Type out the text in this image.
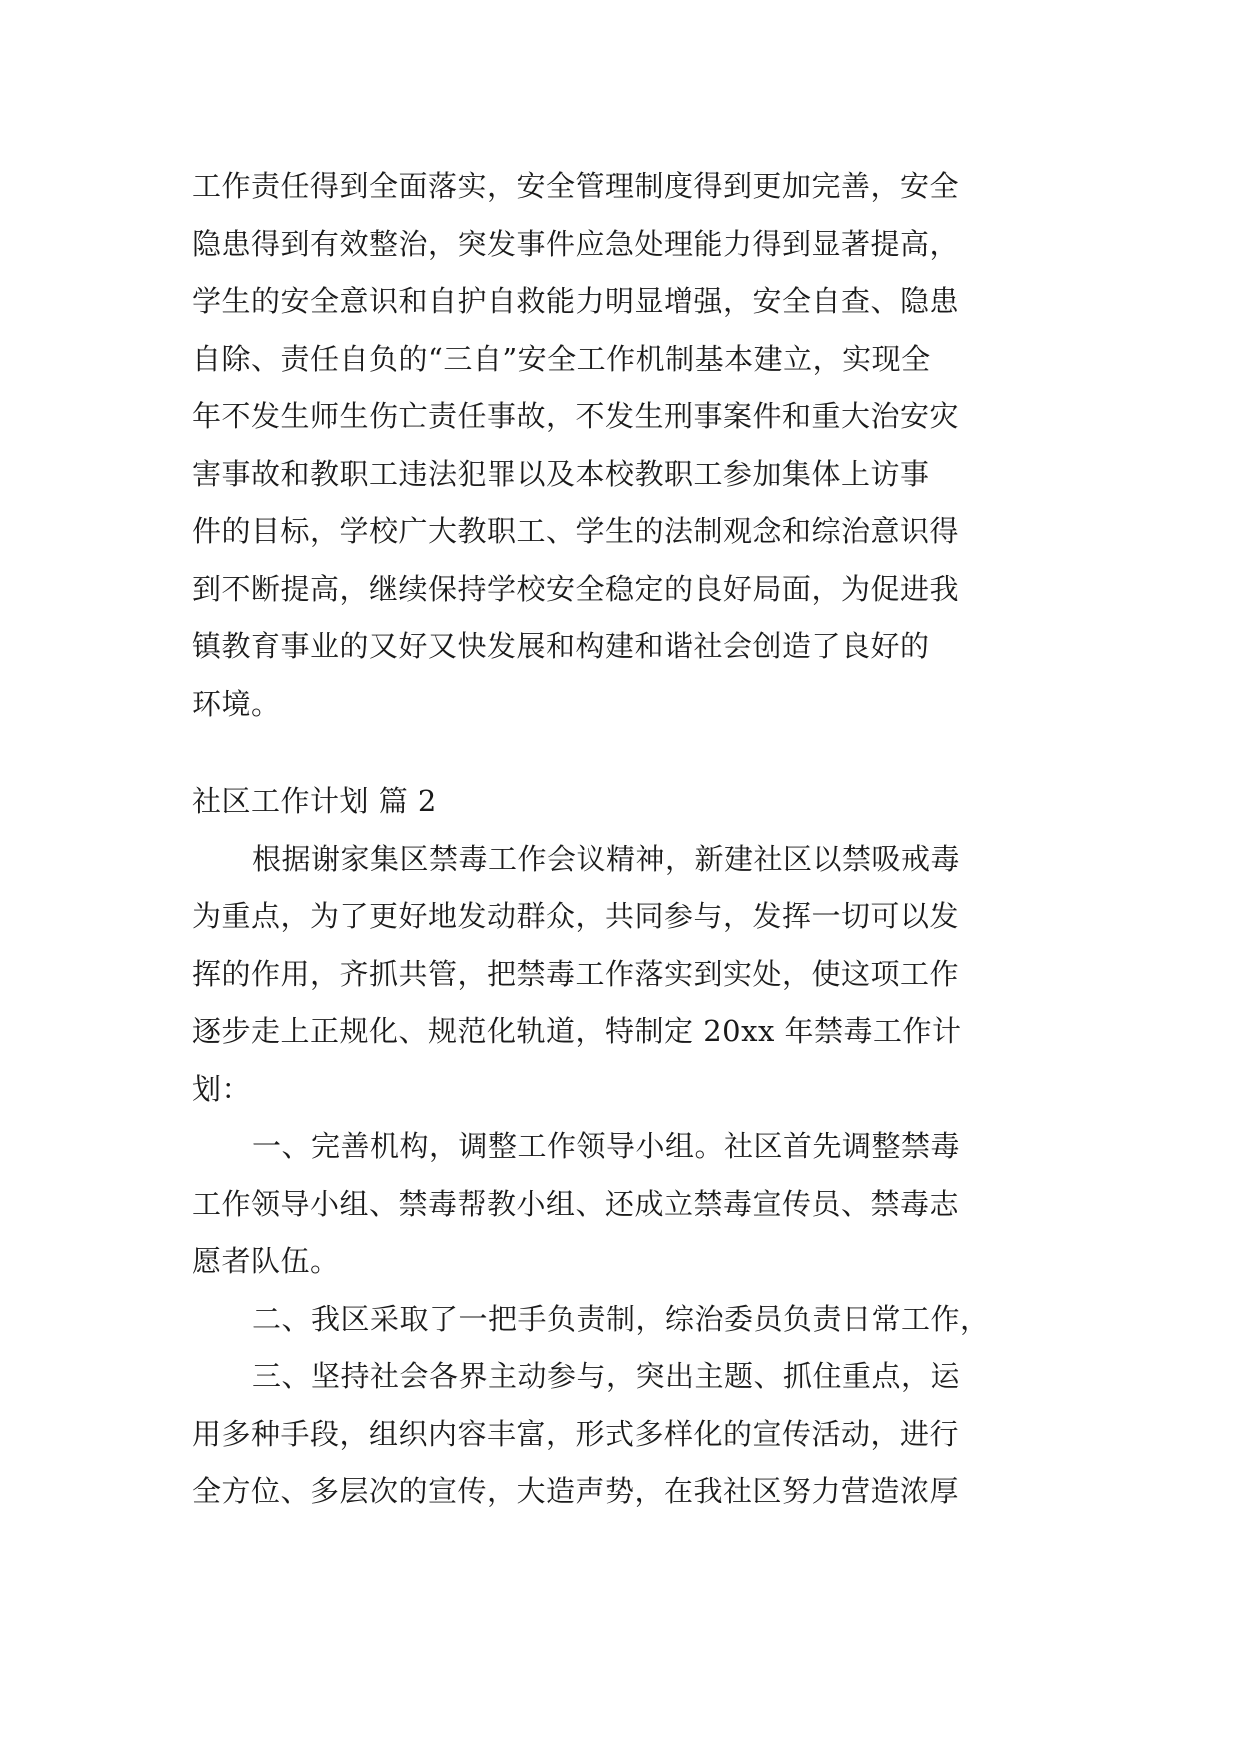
工作责任得到全面落实，安全管理制度得到更加完善，安全
隐患得到有效整治，突发事件应急处理能力得到显著提高，
学生的安全意识和自护自救能力明显增强，安全自查、隐患
自除、责任自负的“三自”安全工作机制基本建立，实现全
年不发生师生伤亡责任事故，不发生刑事案件和重大治安灾
害事故和教职工违法犯罪以及本校教职工参加集体上访事
件的目标，学校广大教职工、学生的法制观念和综治意识得
到不断提高，继续保持学校安全稳定的良好局面，为促进我
镇教育事业的又好又快发展和构建和谐社会创造了良好的
环境。
社区工作计划 篇 2
根据谢家集区禁毒工作会议精神，新建社区以禁吸戒毒
为重点，为了更好地发动群众，共同参与，发挥一切可以发
挥的作用，齐抓共管，把禁毒工作落实到实处，使这项工作
逐步走上正规化、规范化轨道，特制定 20xx 年禁毒工作计
划：
一、完善机构，调整工作领导小组。社区首先调整禁毒
工作领导小组、禁毒帮教小组、还成立禁毒宣传员、禁毒志
愿者队伍。
二、我区采取了一把手负责制，综治委员负责日常工作，
三、坚持社会各界主动参与，突出主题、抓住重点，运
用多种手段，组织内容丰富，形式多样化的宣传活动，进行
全方位、多层次的宣传，大造声势，在我社区努力营造浓厚
